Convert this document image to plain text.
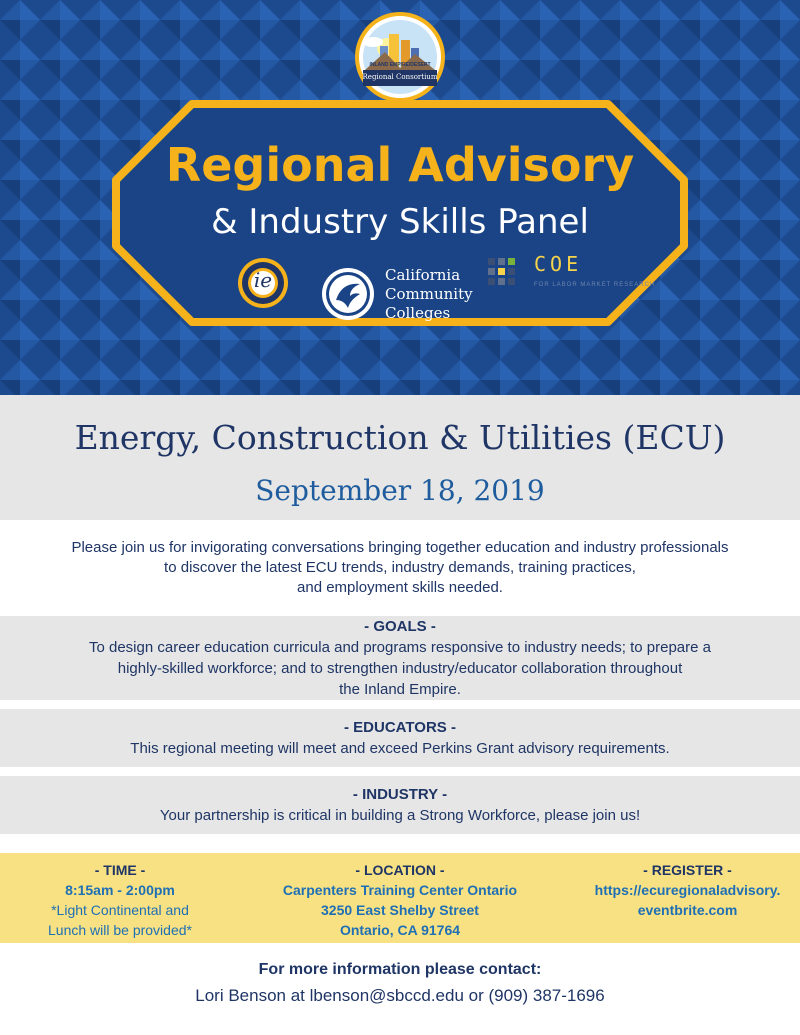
Regional Consortium
INLAND EMPIRE/DESERT
Regional Advisory
& Industry Skills Panel
ie	California
Community
Colleges
COE
FOR LABOR MARKET RESEARCH
Energy, Construction & Utilities (ECU)
September 18, 2019
Please join us for invigorating conversations bringing together education and industry professionals
to discover the latest ECU trends, industry demands, training practices,
and employment skills needed.
- GOALS -
To design career education curricula and programs responsive to industry needs; to prepare a
highly-skilled workforce; and to strengthen industry/educator collaboration throughout
the Inland Empire.
- EDUCATORS -
This regional meeting will meet and exceed Perkins Grant advisory requirements.
- INDUSTRY -
Your partnership is critical in building a Strong Workforce, please join us!
- TIME -
8:15am - 2:00pm
*Light Continental and
Lunch will be provided*
- LOCATION -
Carpenters Training Center Ontario
3250 East Shelby Street
Ontario, CA 91764
- REGISTER -
https://ecuregionaladvisory.
eventbrite.com
For more information please contact:
Lori Benson at lbenson@sbccd.edu or (909) 387-1696
